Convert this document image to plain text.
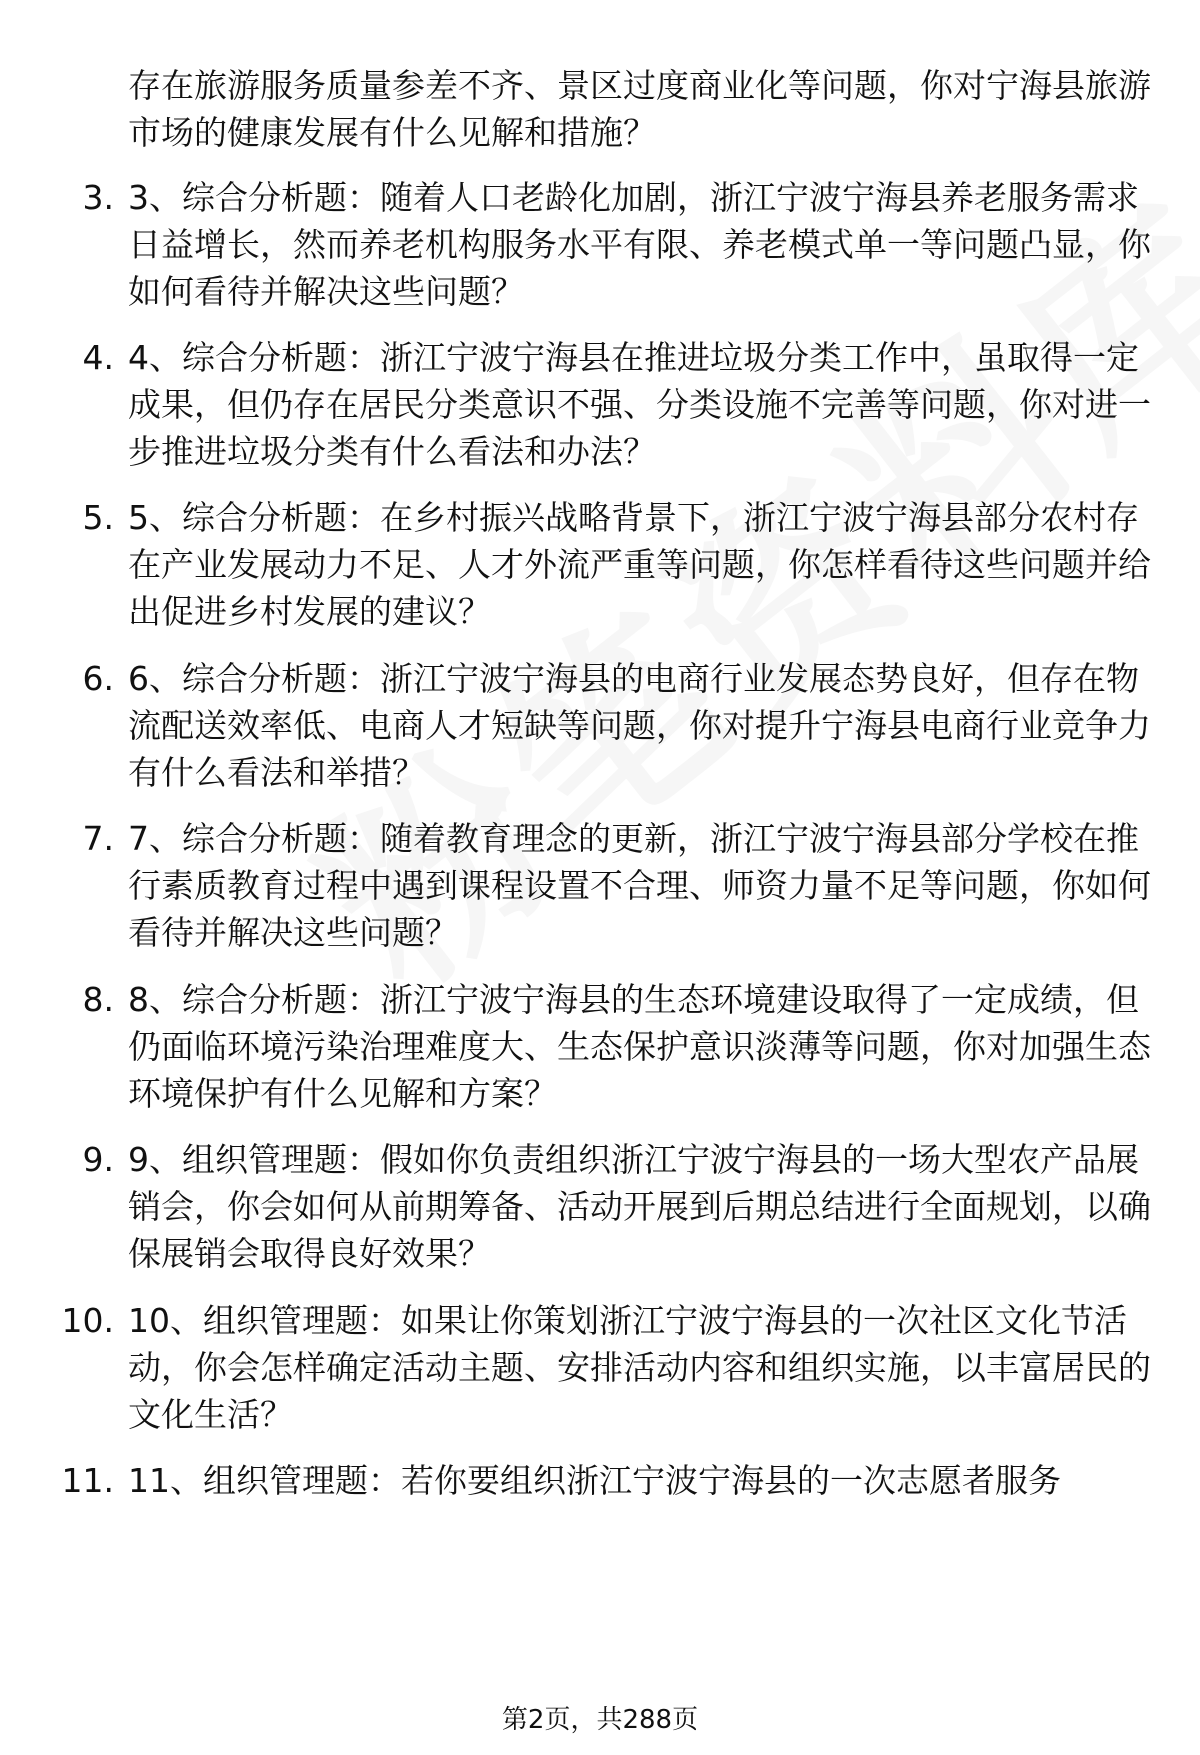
存在旅游服务质量参差不齐、景区过度商业化等问题，你对宁海县旅游市场的健康发展有什么见解和措施？

3. 3、综合分析题：随着人口老龄化加剧，浙江宁波宁海县养老服务需求日益增长，然而养老机构服务水平有限、养老模式单一等问题凸显，你如何看待并解决这些问题？

4. 4、综合分析题：浙江宁波宁海县在推进垃圾分类工作中，虽取得一定成果，但仍存在居民分类意识不强、分类设施不完善等问题，你对进一步推进垃圾分类有什么看法和办法？

5. 5、综合分析题：在乡村振兴战略背景下，浙江宁波宁海县部分农村存在产业发展动力不足、人才外流严重等问题，你怎样看待这些问题并给出促进乡村发展的建议？

6. 6、综合分析题：浙江宁波宁海县的电商行业发展态势良好，但存在物流配送效率低、电商人才短缺等问题，你对提升宁海县电商行业竞争力有什么看法和举措？

7. 7、综合分析题：随着教育理念的更新，浙江宁波宁海县部分学校在推行素质教育过程中遇到课程设置不合理、师资力量不足等问题，你如何看待并解决这些问题？

8. 8、综合分析题：浙江宁波宁海县的生态环境建设取得了一定成绩，但仍面临环境污染治理难度大、生态保护意识淡薄等问题，你对加强生态环境保护有什么见解和方案？

9. 9、组织管理题：假如你负责组织浙江宁波宁海县的一场大型农产品展销会，你会如何从前期筹备、活动开展到后期总结进行全面规划，以确保展销会取得良好效果？

10. 10、组织管理题：如果让你策划浙江宁波宁海县的一次社区文化节活动，你会怎样确定活动主题、安排活动内容和组织实施，以丰富居民的文化生活？

11. 11、组织管理题：若你要组织浙江宁波宁海县的一次志愿者服务

第2页，共288页
